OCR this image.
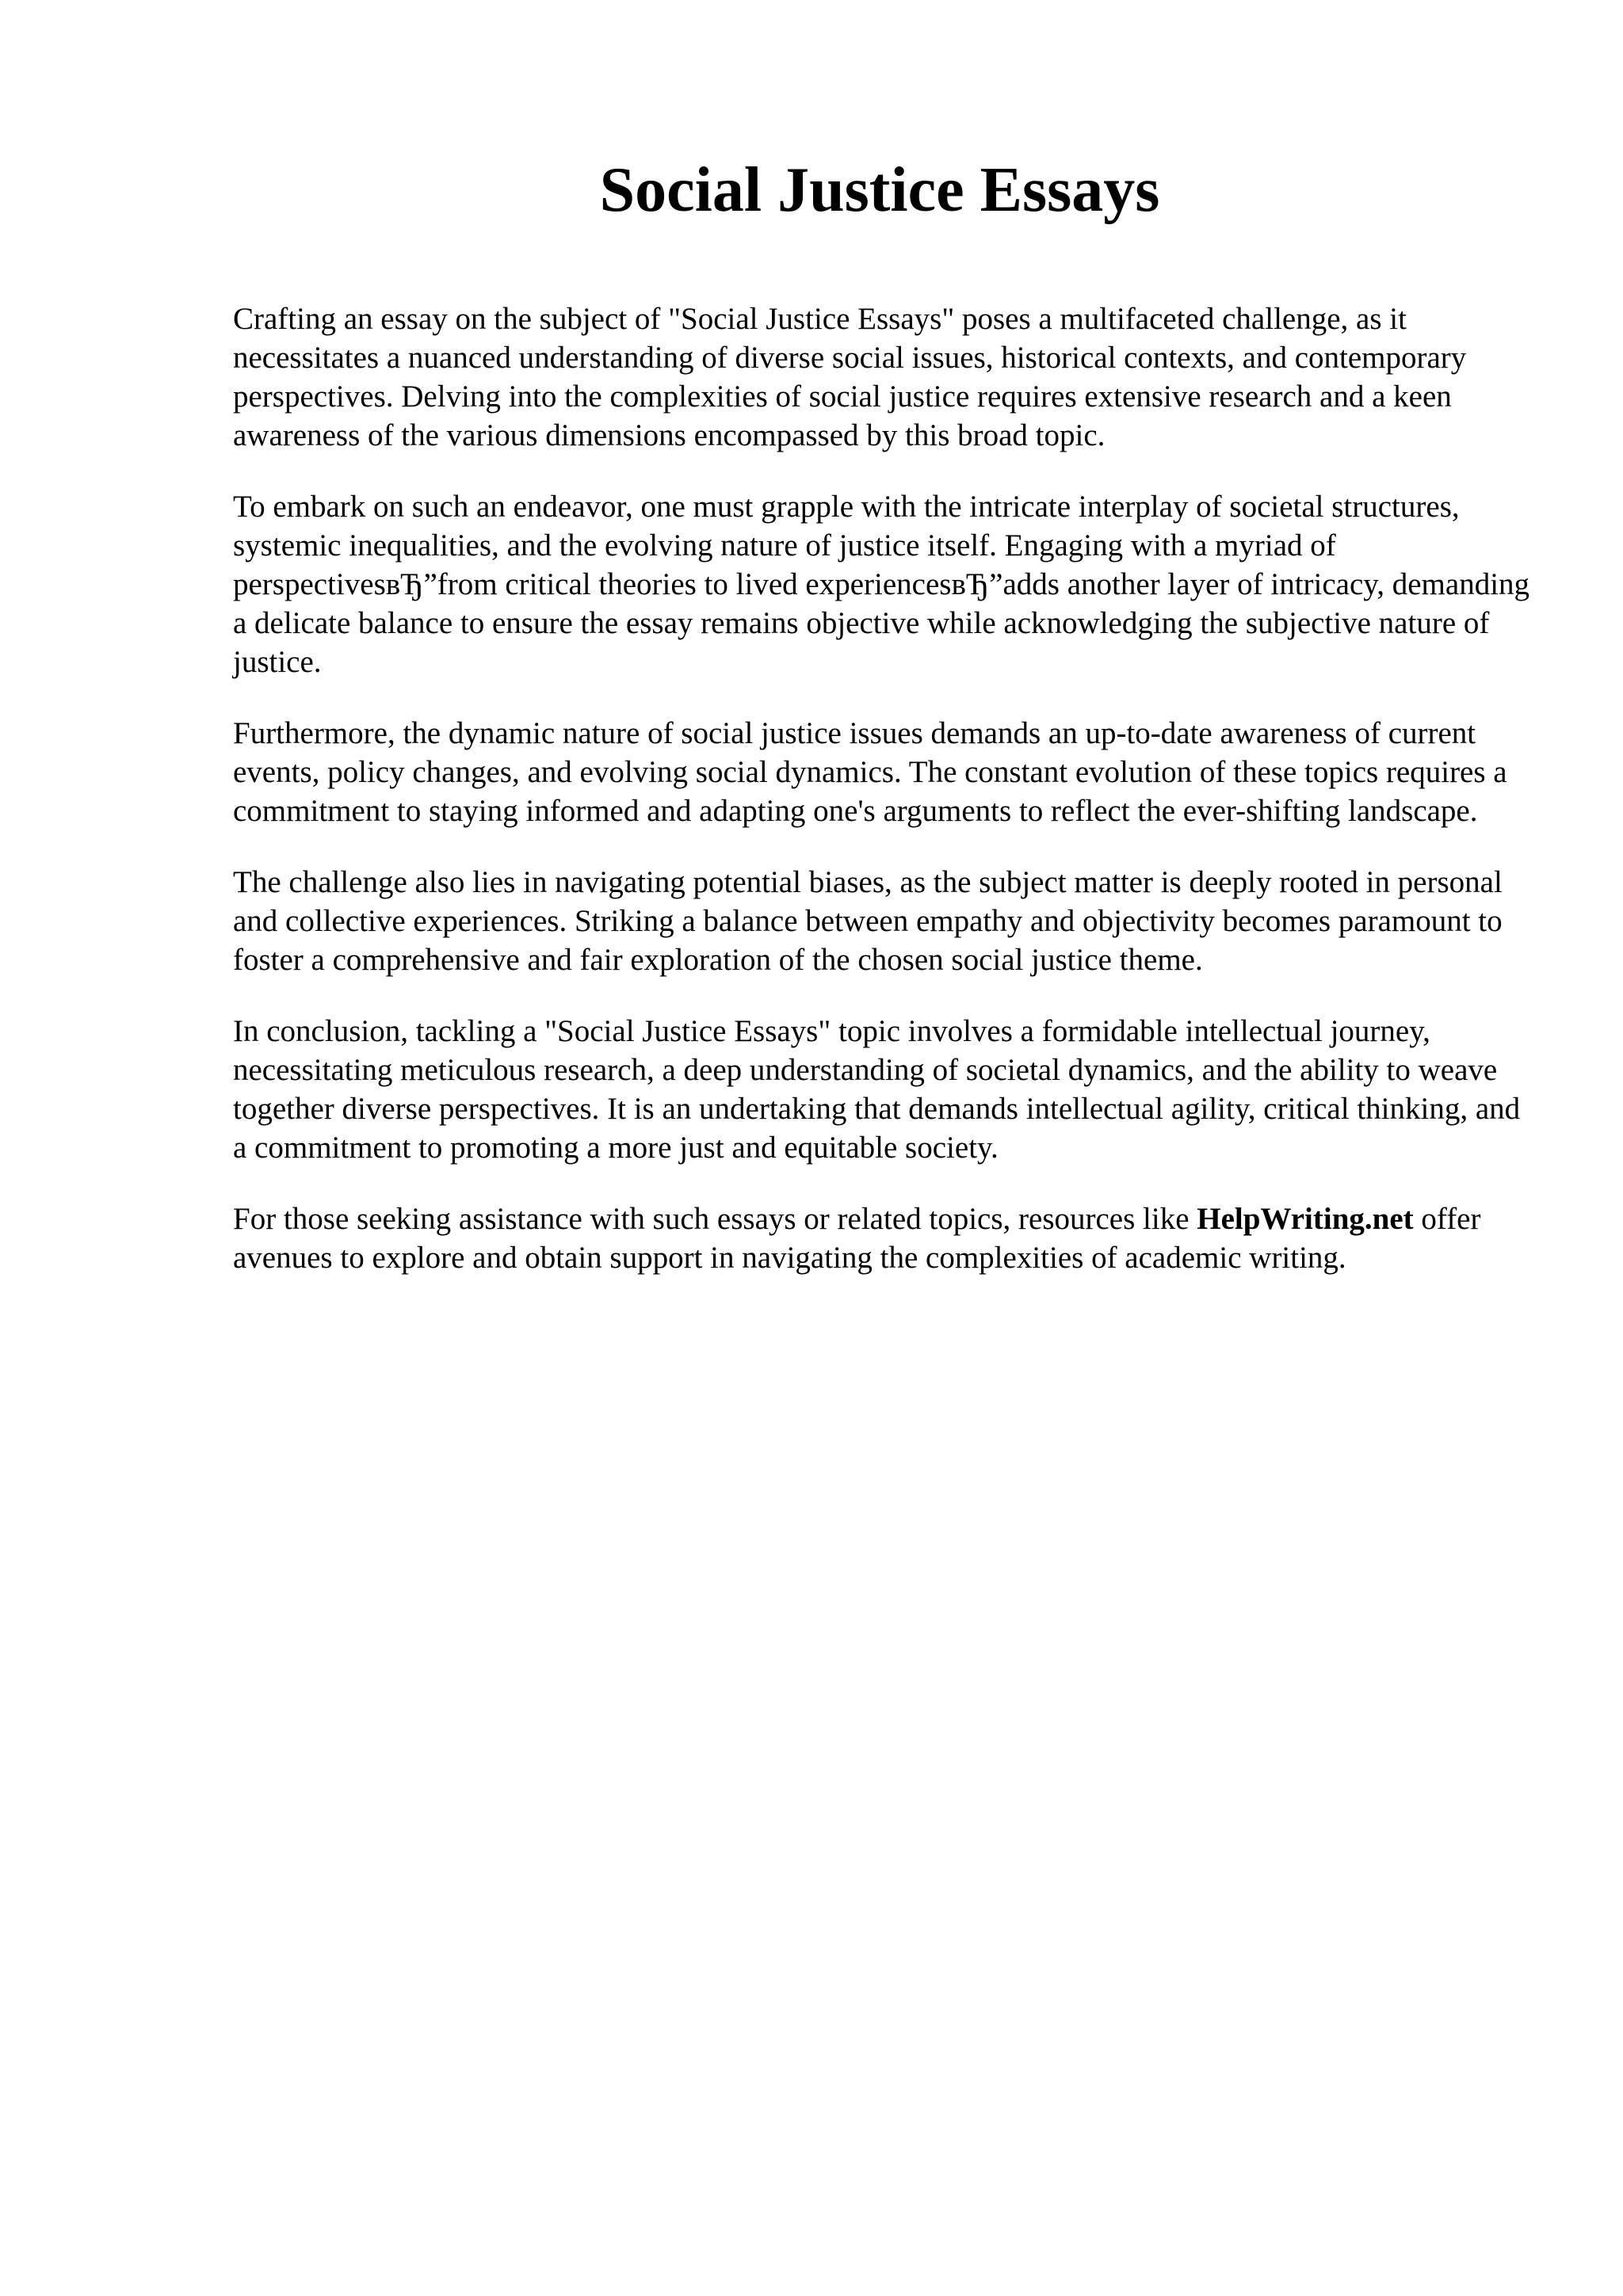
Social Justice Essays

Crafting an essay on the subject of "Social Justice Essays" poses a multifaceted challenge, as it necessitates a nuanced understanding of diverse social issues, historical contexts, and contemporary perspectives. Delving into the complexities of social justice requires extensive research and a keen awareness of the various dimensions encompassed by this broad topic.

To embark on such an endeavor, one must grapple with the intricate interplay of societal structures, systemic inequalities, and the evolving nature of justice itself. Engaging with a myriad of perspectivesвЂ”from critical theories to lived experiencesвЂ”adds another layer of intricacy, demanding a delicate balance to ensure the essay remains objective while acknowledging the subjective nature of justice.

Furthermore, the dynamic nature of social justice issues demands an up-to-date awareness of current events, policy changes, and evolving social dynamics. The constant evolution of these topics requires a commitment to staying informed and adapting one's arguments to reflect the ever-shifting landscape.

The challenge also lies in navigating potential biases, as the subject matter is deeply rooted in personal and collective experiences. Striking a balance between empathy and objectivity becomes paramount to foster a comprehensive and fair exploration of the chosen social justice theme.

In conclusion, tackling a "Social Justice Essays" topic involves a formidable intellectual journey, necessitating meticulous research, a deep understanding of societal dynamics, and the ability to weave together diverse perspectives. It is an undertaking that demands intellectual agility, critical thinking, and a commitment to promoting a more just and equitable society.

For those seeking assistance with such essays or related topics, resources like HelpWriting.net offer avenues to explore and obtain support in navigating the complexities of academic writing.
